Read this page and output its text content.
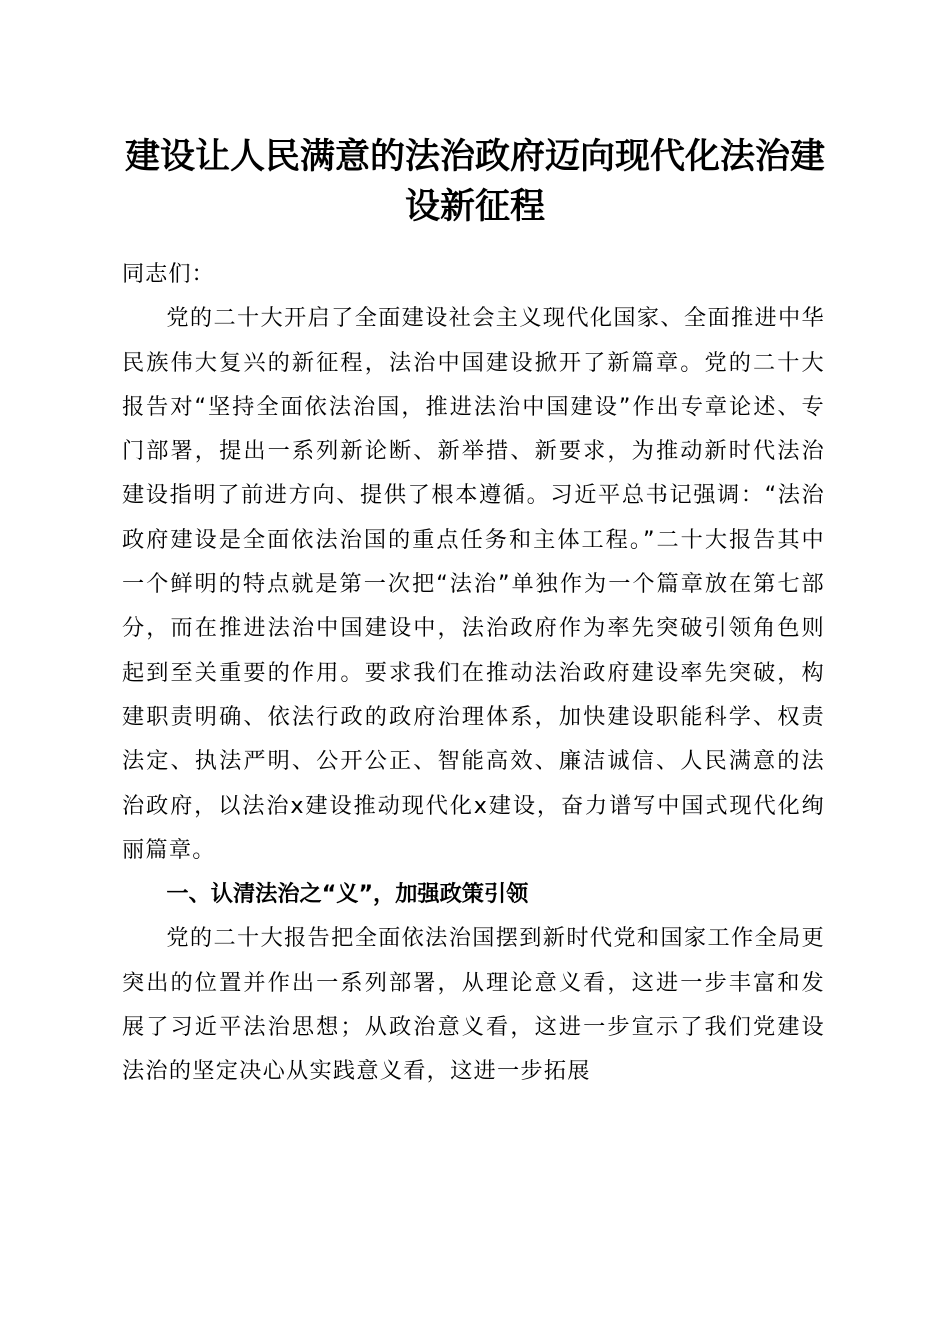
建设让人民满意的法治政府迈向现代化法治建设新征程

同志们：

党的二十大开启了全面建设社会主义现代化国家、全面推进中华民族伟大复兴的新征程，法治中国建设掀开了新篇章。党的二十大报告对“坚持全面依法治国，推进法治中国建设”作出专章论述、专门部署，提出一系列新论断、新举措、新要求，为推动新时代法治建设指明了前进方向、提供了根本遵循。习近平总书记强调：“法治政府建设是全面依法治国的重点任务和主体工程。”二十大报告其中一个鲜明的特点就是第一次把“法治”单独作为一个篇章放在第七部分，而在推进法治中国建设中，法治政府作为率先突破引领角色则起到至关重要的作用。要求我们在推动法治政府建设率先突破，构建职责明确、依法行政的政府治理体系，加快建设职能科学、权责法定、执法严明、公开公正、智能高效、廉洁诚信、人民满意的法治政府，以法治x建设推动现代化x建设，奋力谱写中国式现代化绚丽篇章。

一、认清法治之“义”，加强政策引领

党的二十大报告把全面依法治国摆到新时代党和国家工作全局更突出的位置并作出一系列部署，从理论意义看，这进一步丰富和发展了习近平法治思想；从政治意义看，这进一步宣示了我们党建设法治的坚定决心从实践意义看，这进一步拓展
